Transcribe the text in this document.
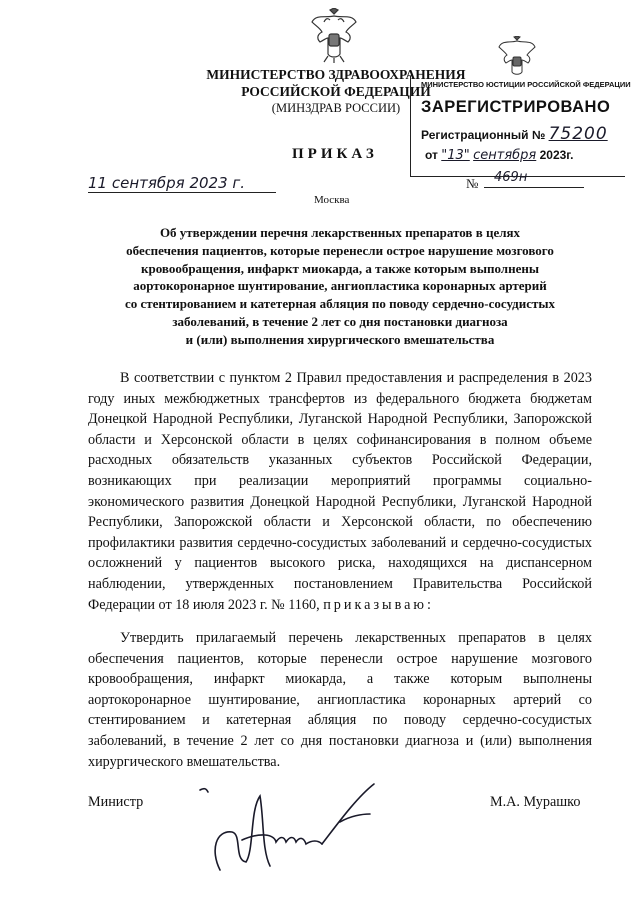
МИНИСТЕРСТВО ЗДРАВООХРАНЕНИЯ
РОССИЙСКОЙ ФЕДЕРАЦИИ
(МИНЗДРАВ РОССИИ)
МИНИСТЕРСТВО ЮСТИЦИИ РОССИЙСКОЙ ФЕДЕРАЦИИ
ЗАРЕГИСТРИРОВАНО
Регистрационный № 75200
от "13" сентября 2023г.
ПРИКАЗ
11 сентября 2023 г.
Москва
№ 469н
Об утверждении перечня лекарственных препаратов в целях
обеспечения пациентов, которые перенесли острое нарушение мозгового
кровообращения, инфаркт миокарда, а также которым выполнены
аортокоронарное шунтирование, ангиопластика коронарных артерий
со стентированием и катетерная абляция по поводу сердечно-сосудистых
заболеваний, в течение 2 лет со дня постановки диагноза
и (или) выполнения хирургического вмешательства
В соответствии с пунктом 2 Правил предоставления и распределения в 2023 году иных межбюджетных трансфертов из федерального бюджета бюджетам Донецкой Народной Республики, Луганской Народной Республики, Запорожской области и Херсонской области в целях софинансирования в полном объеме расходных обязательств указанных субъектов Российской Федерации, возникающих при реализации мероприятий программы социально-экономического развития Донецкой Народной Республики, Луганской Народной Республики, Запорожской области и Херсонской области, по обеспечению профилактики развития сердечно-сосудистых заболеваний и сердечно-сосудистых осложнений у пациентов высокого риска, находящихся на диспансерном наблюдении, утвержденных постановлением Правительства Российской Федерации от 18 июля 2023 г. № 1160, приказываю:
Утвердить прилагаемый перечень лекарственных препаратов в целях обеспечения пациентов, которые перенесли острое нарушение мозгового кровообращения, инфаркт миокарда, а также которым выполнены аортокоронарное шунтирование, ангиопластика коронарных артерий со стентированием и катетерная абляция по поводу сердечно-сосудистых заболеваний, в течение 2 лет со дня постановки диагноза и (или) выполнения хирургического вмешательства.
Министр	М.А. Мурашко
